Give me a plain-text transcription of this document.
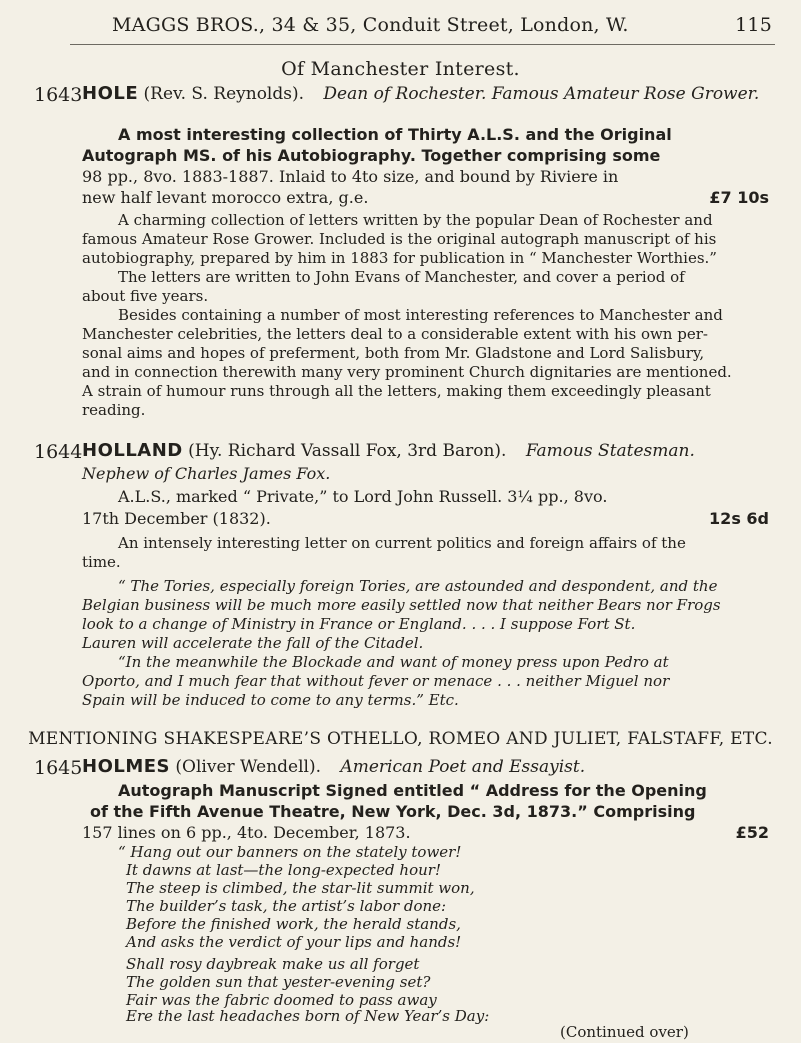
MAGGS BROS., 34 & 35, Conduit Street, London, W.	115
Of Manchester Interest.
1643 HOLE (Rev. S. Reynolds). Dean of Rochester. Famous Amateur Rose Grower.
A most interesting collection of Thirty A.L.S. and the Original
Autograph MS. of his Autobiography. Together comprising some
98 pp., 8vo. 1883-1887. Inlaid to 4to size, and bound by Riviere in
new half levant morocco extra, g.e.	£7 10s
A charming collection of letters written by the popular Dean of Rochester and
famous Amateur Rose Grower. Included is the original autograph manuscript of his
autobiography, prepared by him in 1883 for publication in “ Manchester Worthies.”
The letters are written to John Evans of Manchester, and cover a period of
about five years.
Besides containing a number of most interesting references to Manchester and
Manchester celebrities, the letters deal to a considerable extent with his own per-
sonal aims and hopes of preferment, both from Mr. Gladstone and Lord Salisbury,
and in connection therewith many very prominent Church dignitaries are mentioned.
A strain of humour runs through all the letters, making them exceedingly pleasant
reading.
1644 HOLLAND (Hy. Richard Vassall Fox, 3rd Baron). Famous Statesman.
Nephew of Charles James Fox.
A.L.S., marked “ Private,” to Lord John Russell. 3¼ pp., 8vo.
17th December (1832).	12s 6d
An intensely interesting letter on current politics and foreign affairs of the
time.
“ The Tories, especially foreign Tories, are astounded and despondent, and the
Belgian business will be much more easily settled now that neither Bears nor Frogs
look to a change of Ministry in France or England. . . . I suppose Fort St.
Lauren will accelerate the fall of the Citadel.
“In the meanwhile the Blockade and want of money press upon Pedro at
Oporto, and I much fear that without fever or menace . . . neither Miguel nor
Spain will be induced to come to any terms.” Etc.
MENTIONING SHAKESPEARE’S OTHELLO, ROMEO AND JULIET, FALSTAFF, ETC.
1645 HOLMES (Oliver Wendell). American Poet and Essayist.
Autograph Manuscript Signed entitled “ Address for the Opening
of the Fifth Avenue Theatre, New York, Dec. 3d, 1873.” Comprising
157 lines on 6 pp., 4to. December, 1873.	£52
“ Hang out our banners on the stately tower!
It dawns at last—the long-expected hour!
The steep is climbed, the star-lit summit won,
The builder’s task, the artist’s labor done:
Before the finished work, the herald stands,
And asks the verdict of your lips and hands!
Shall rosy daybreak make us all forget
The golden sun that yester-evening set?
Fair was the fabric doomed to pass away
Ere the last headaches born of New Year’s Day:
(Continued over)
